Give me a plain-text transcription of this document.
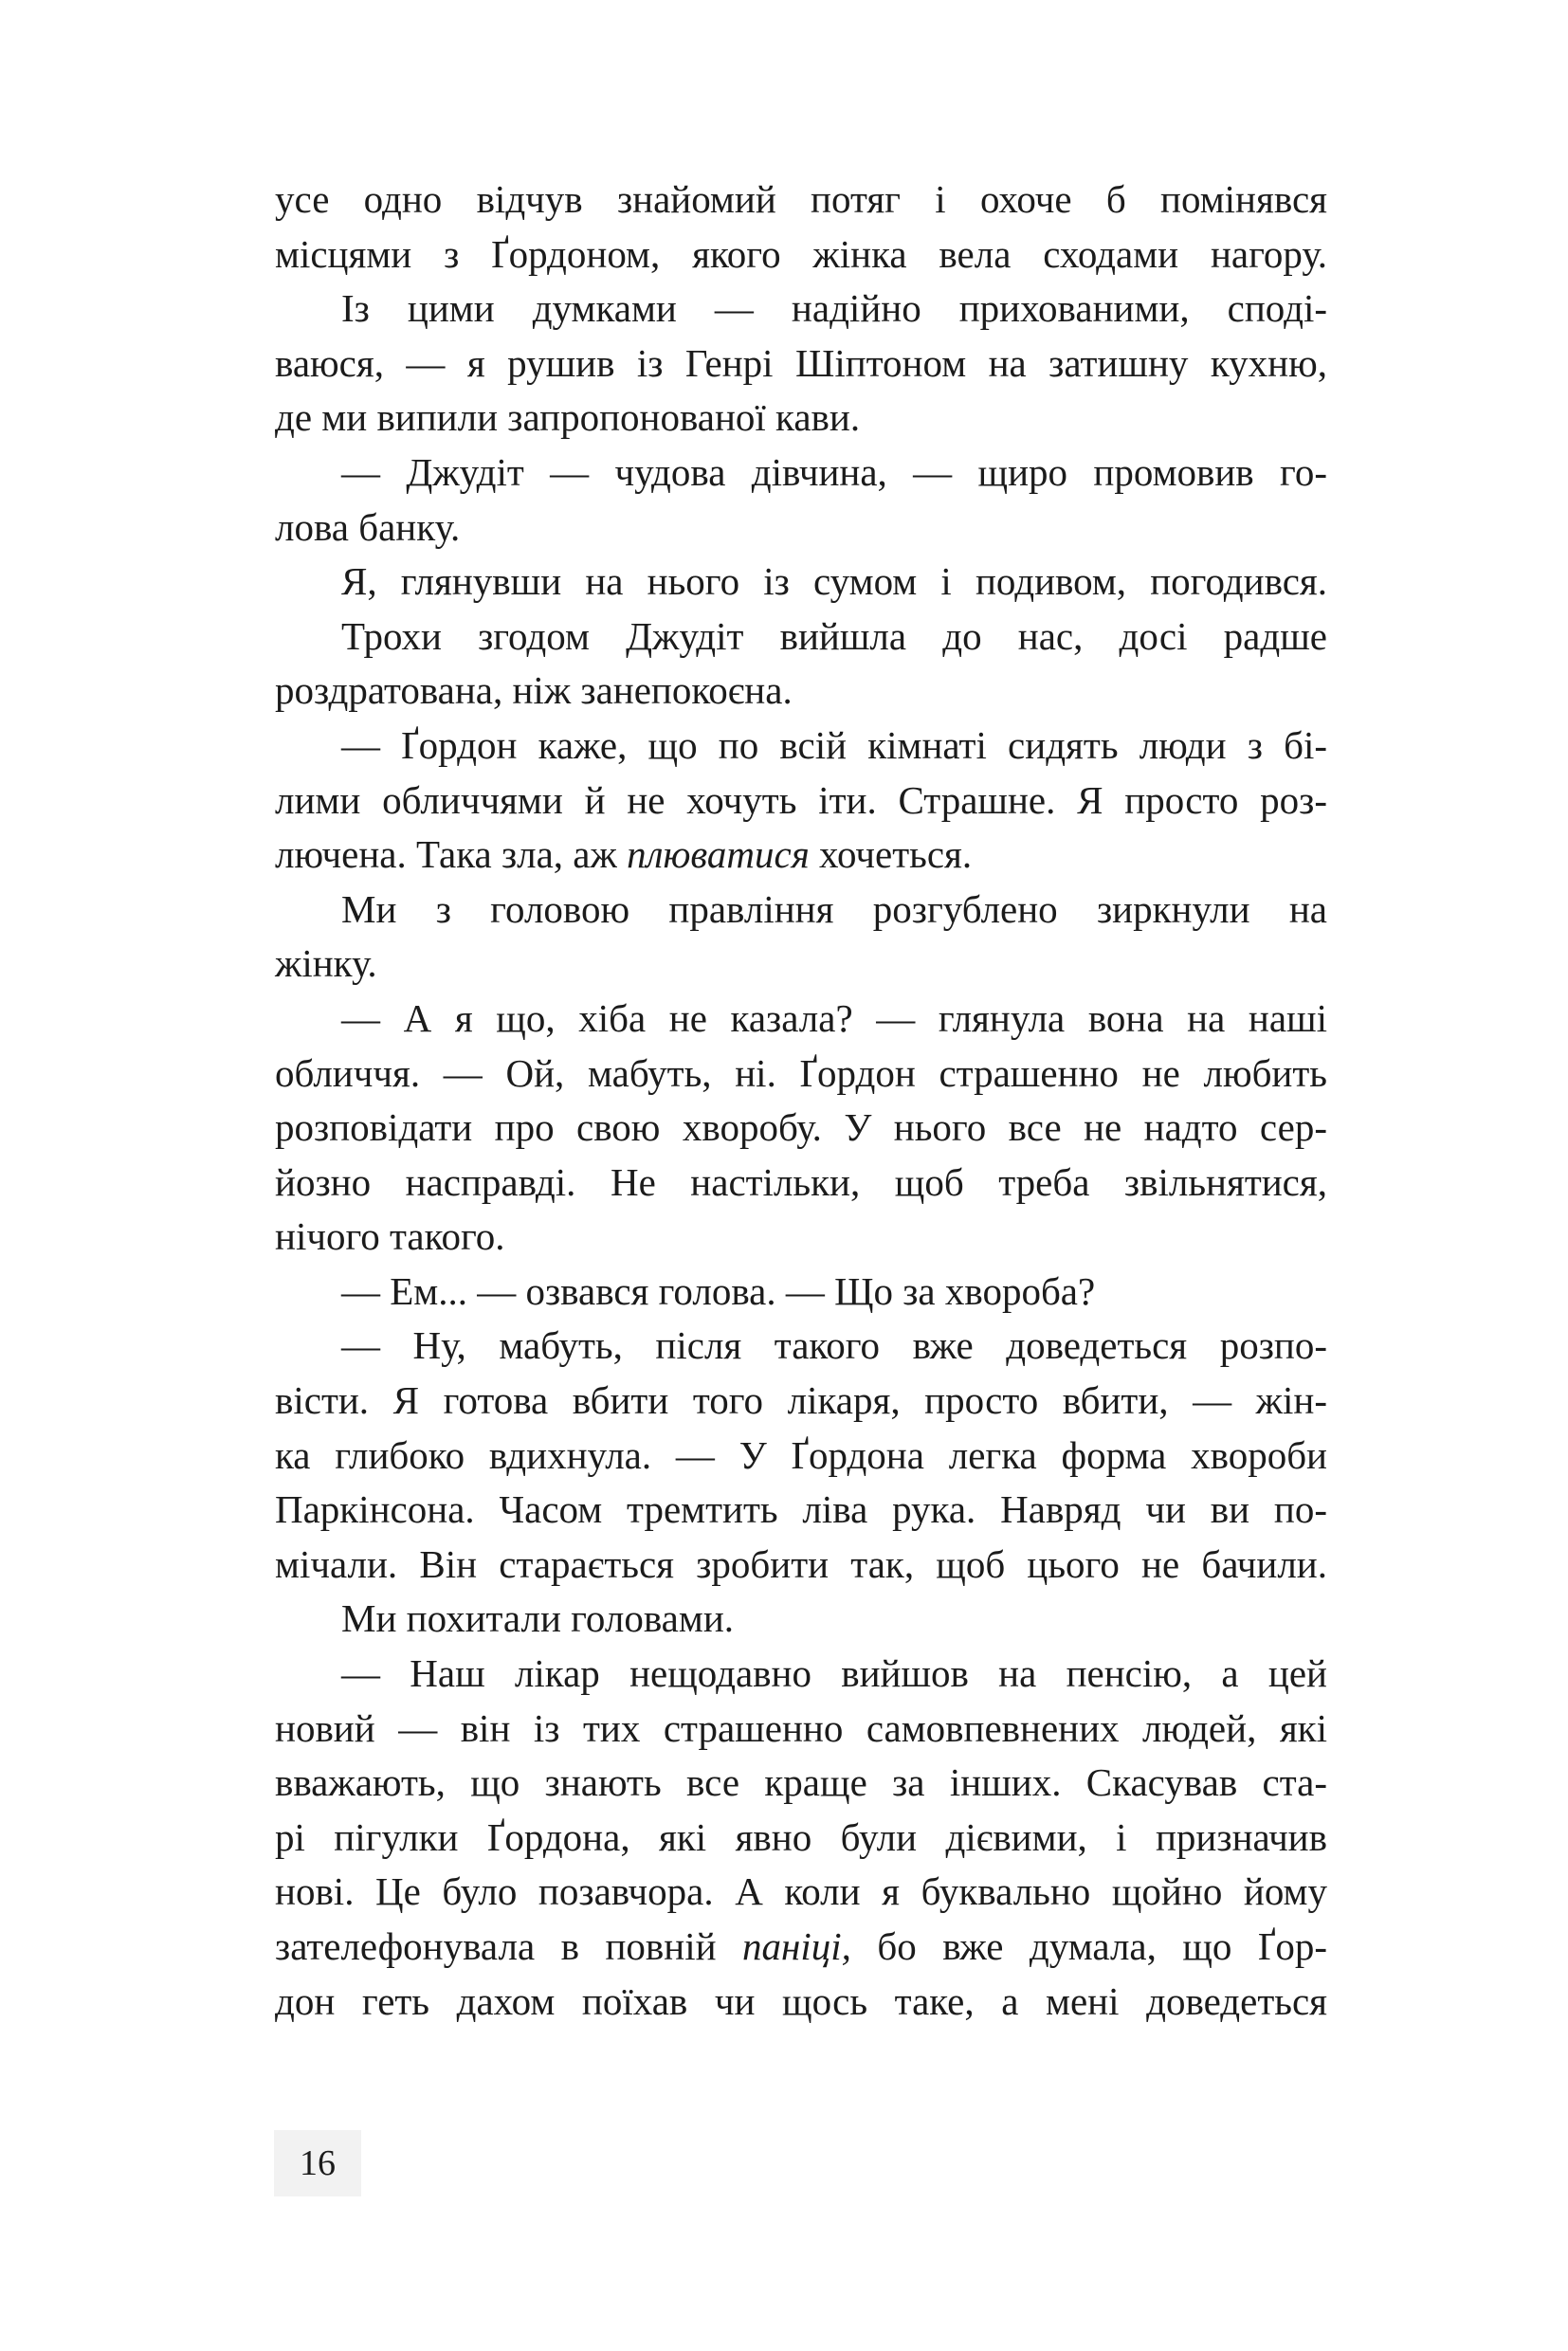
усе одно відчув знайомий потяг і охоче б помінявся
місцями з Ґордоном, якого жінка вела сходами нагору.

Із цими думками — надійно прихованими, споді-
ваюся, — я рушив із Генрі Шіптоном на затишну кухню,
де ми випили запропонованої кави.

— Джудіт — чудова дівчина, — щиро промовив го-
лова банку.

Я, глянувши на нього із сумом і подивом, погодився.

Трохи згодом Джудіт вийшла до нас, досі радше
роздратована, ніж занепокоєна.

— Ґордон каже, що по всій кімнаті сидять люди з бі-
лими обличчями й не хочуть іти. Страшне. Я просто роз-
лючена. Така зла, аж плюватися хочеться.

Ми з головою правління розгублено зиркнули на
жінку.

— А я що, хіба не казала? — глянула вона на наші
обличчя. — Ой, мабуть, ні. Ґордон страшенно не любить
розповідати про свою хворобу. У нього все не надто сер-
йозно насправді. Не настільки, щоб треба звільнятися,
нічого такого.

— Ем... — озвався голова. — Що за хвороба?

— Ну, мабуть, після такого вже доведеться розпо-
вісти. Я готова вбити того лікаря, просто вбити, — жін-
ка глибоко вдихнула. — У Ґордона легка форма хвороби
Паркінсона. Часом тремтить ліва рука. Навряд чи ви по-
мічали. Він старається зробити так, щоб цього не бачили.

Ми похитали головами.

— Наш лікар нещодавно вийшов на пенсію, а цей
новий — він із тих страшенно самовпевнених людей, які
вважають, що знають все краще за інших. Скасував ста-
рі пігулки Ґордона, які явно були дієвими, і призначив
нові. Це було позавчора. А коли я буквально щойно йому
зателефонувала в повній паніці, бо вже думала, що Ґор-
дон геть дахом поїхав чи щось таке, а мені доведеться

16
